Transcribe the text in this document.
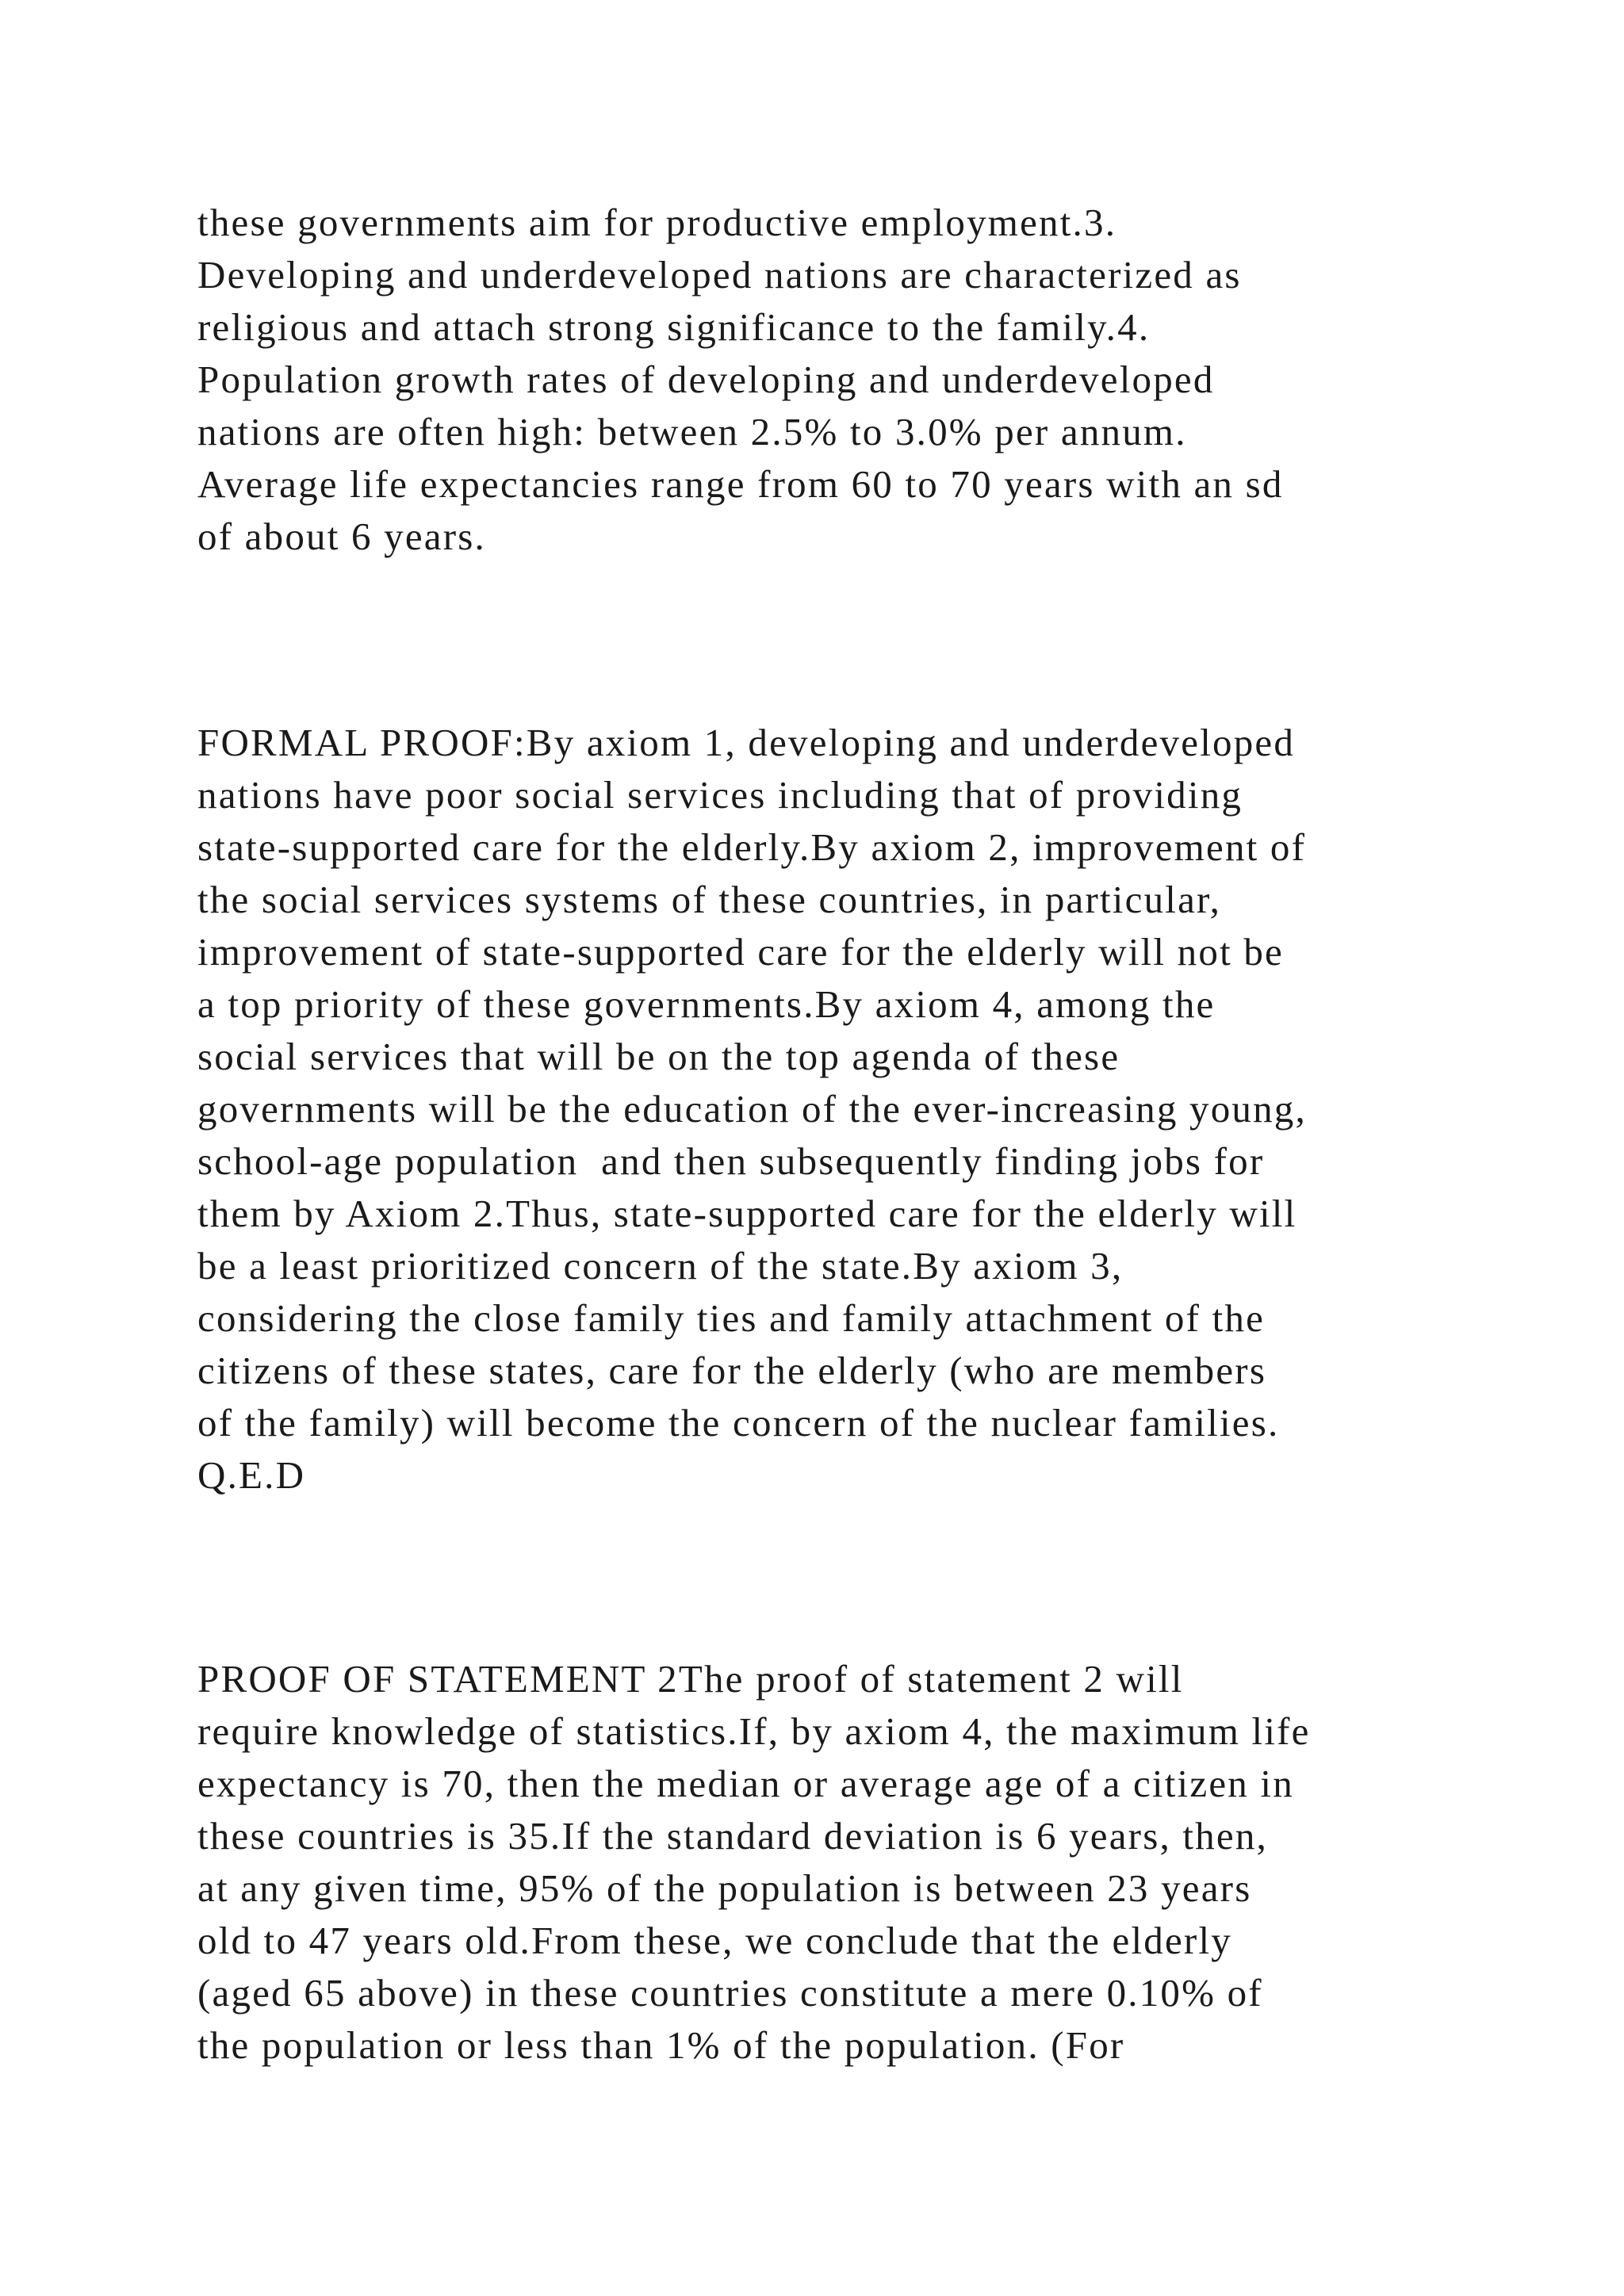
these governments aim for productive employment.3.
Developing and underdeveloped nations are characterized as
religious and attach strong significance to the family.4.
Population growth rates of developing and underdeveloped
nations are often high: between 2.5% to 3.0% per annum.
Average life expectancies range from 60 to 70 years with an sd
of about 6 years.
FORMAL PROOF:By axiom 1, developing and underdeveloped
nations have poor social services including that of providing
state-supported care for the elderly.By axiom 2, improvement of
the social services systems of these countries, in particular,
improvement of state-supported care for the elderly will not be
a top priority of these governments.By axiom 4, among the
social services that will be on the top agenda of these
governments will be the education of the ever-increasing young,
school-age population  and then subsequently finding jobs for
them by Axiom 2.Thus, state-supported care for the elderly will
be a least prioritized concern of the state.By axiom 3,
considering the close family ties and family attachment of the
citizens of these states, care for the elderly (who are members
of the family) will become the concern of the nuclear families.
Q.E.D
PROOF OF STATEMENT 2The proof of statement 2 will
require knowledge of statistics.If, by axiom 4, the maximum life
expectancy is 70, then the median or average age of a citizen in
these countries is 35.If the standard deviation is 6 years, then,
at any given time, 95% of the population is between 23 years
old to 47 years old.From these, we conclude that the elderly
(aged 65 above) in these countries constitute a mere 0.10% of
the population or less than 1% of the population. (For
